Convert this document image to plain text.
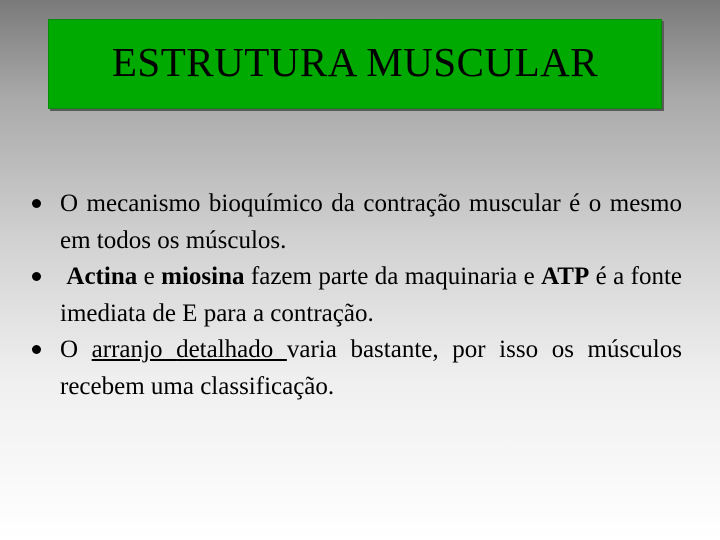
ESTRUTURA MUSCULAR
O mecanismo bioquímico da contração muscular é o mesmo em todos os músculos.
Actina e miosina fazem parte da maquinaria e ATP é a fonte imediata de E para a contração.
O arranjo detalhado varia bastante, por isso os músculos recebem uma classificação.
